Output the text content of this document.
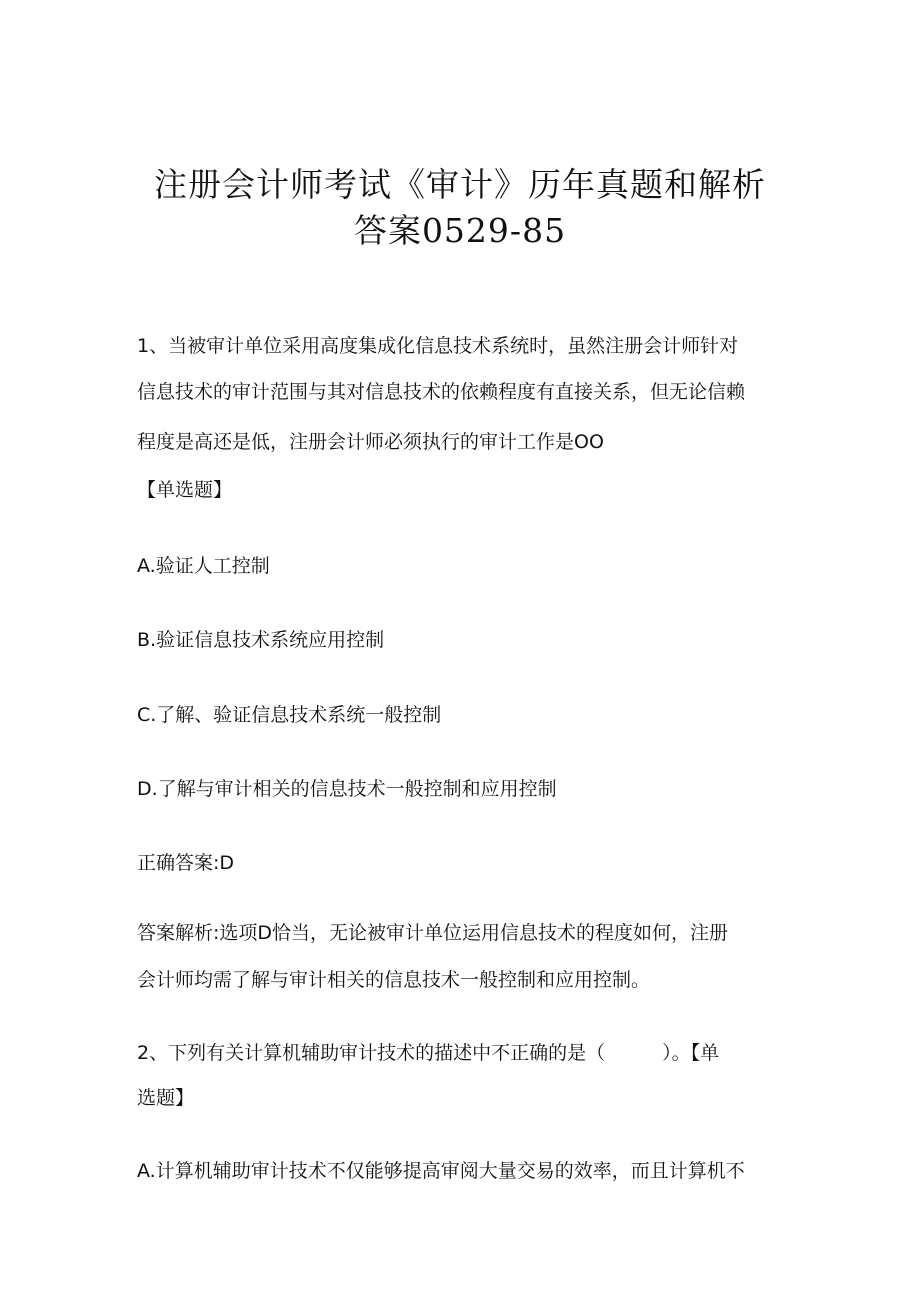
注册会计师考试《审计》历年真题和解析
答案0529-85
1、当被审计单位采用高度集成化信息技术系统时，虽然注册会计师针对
信息技术的审计范围与其对信息技术的依赖程度有直接关系，但无论信赖
程度是高还是低，注册会计师必须执行的审计工作是OO
【单选题】
A.验证人工控制
B.验证信息技术系统应用控制
C.了解、验证信息技术系统一般控制
D.了解与审计相关的信息技术一般控制和应用控制
正确答案:D
答案解析:选项D恰当，无论被审计单位运用信息技术的程度如何，注册
会计师均需了解与审计相关的信息技术一般控制和应用控制。
2、下列有关计算机辅助审计技术的描述中不正确的是（　　　）。【单
选题】
A.计算机辅助审计技术不仅能够提高审阅大量交易的效率，而且计算机不
